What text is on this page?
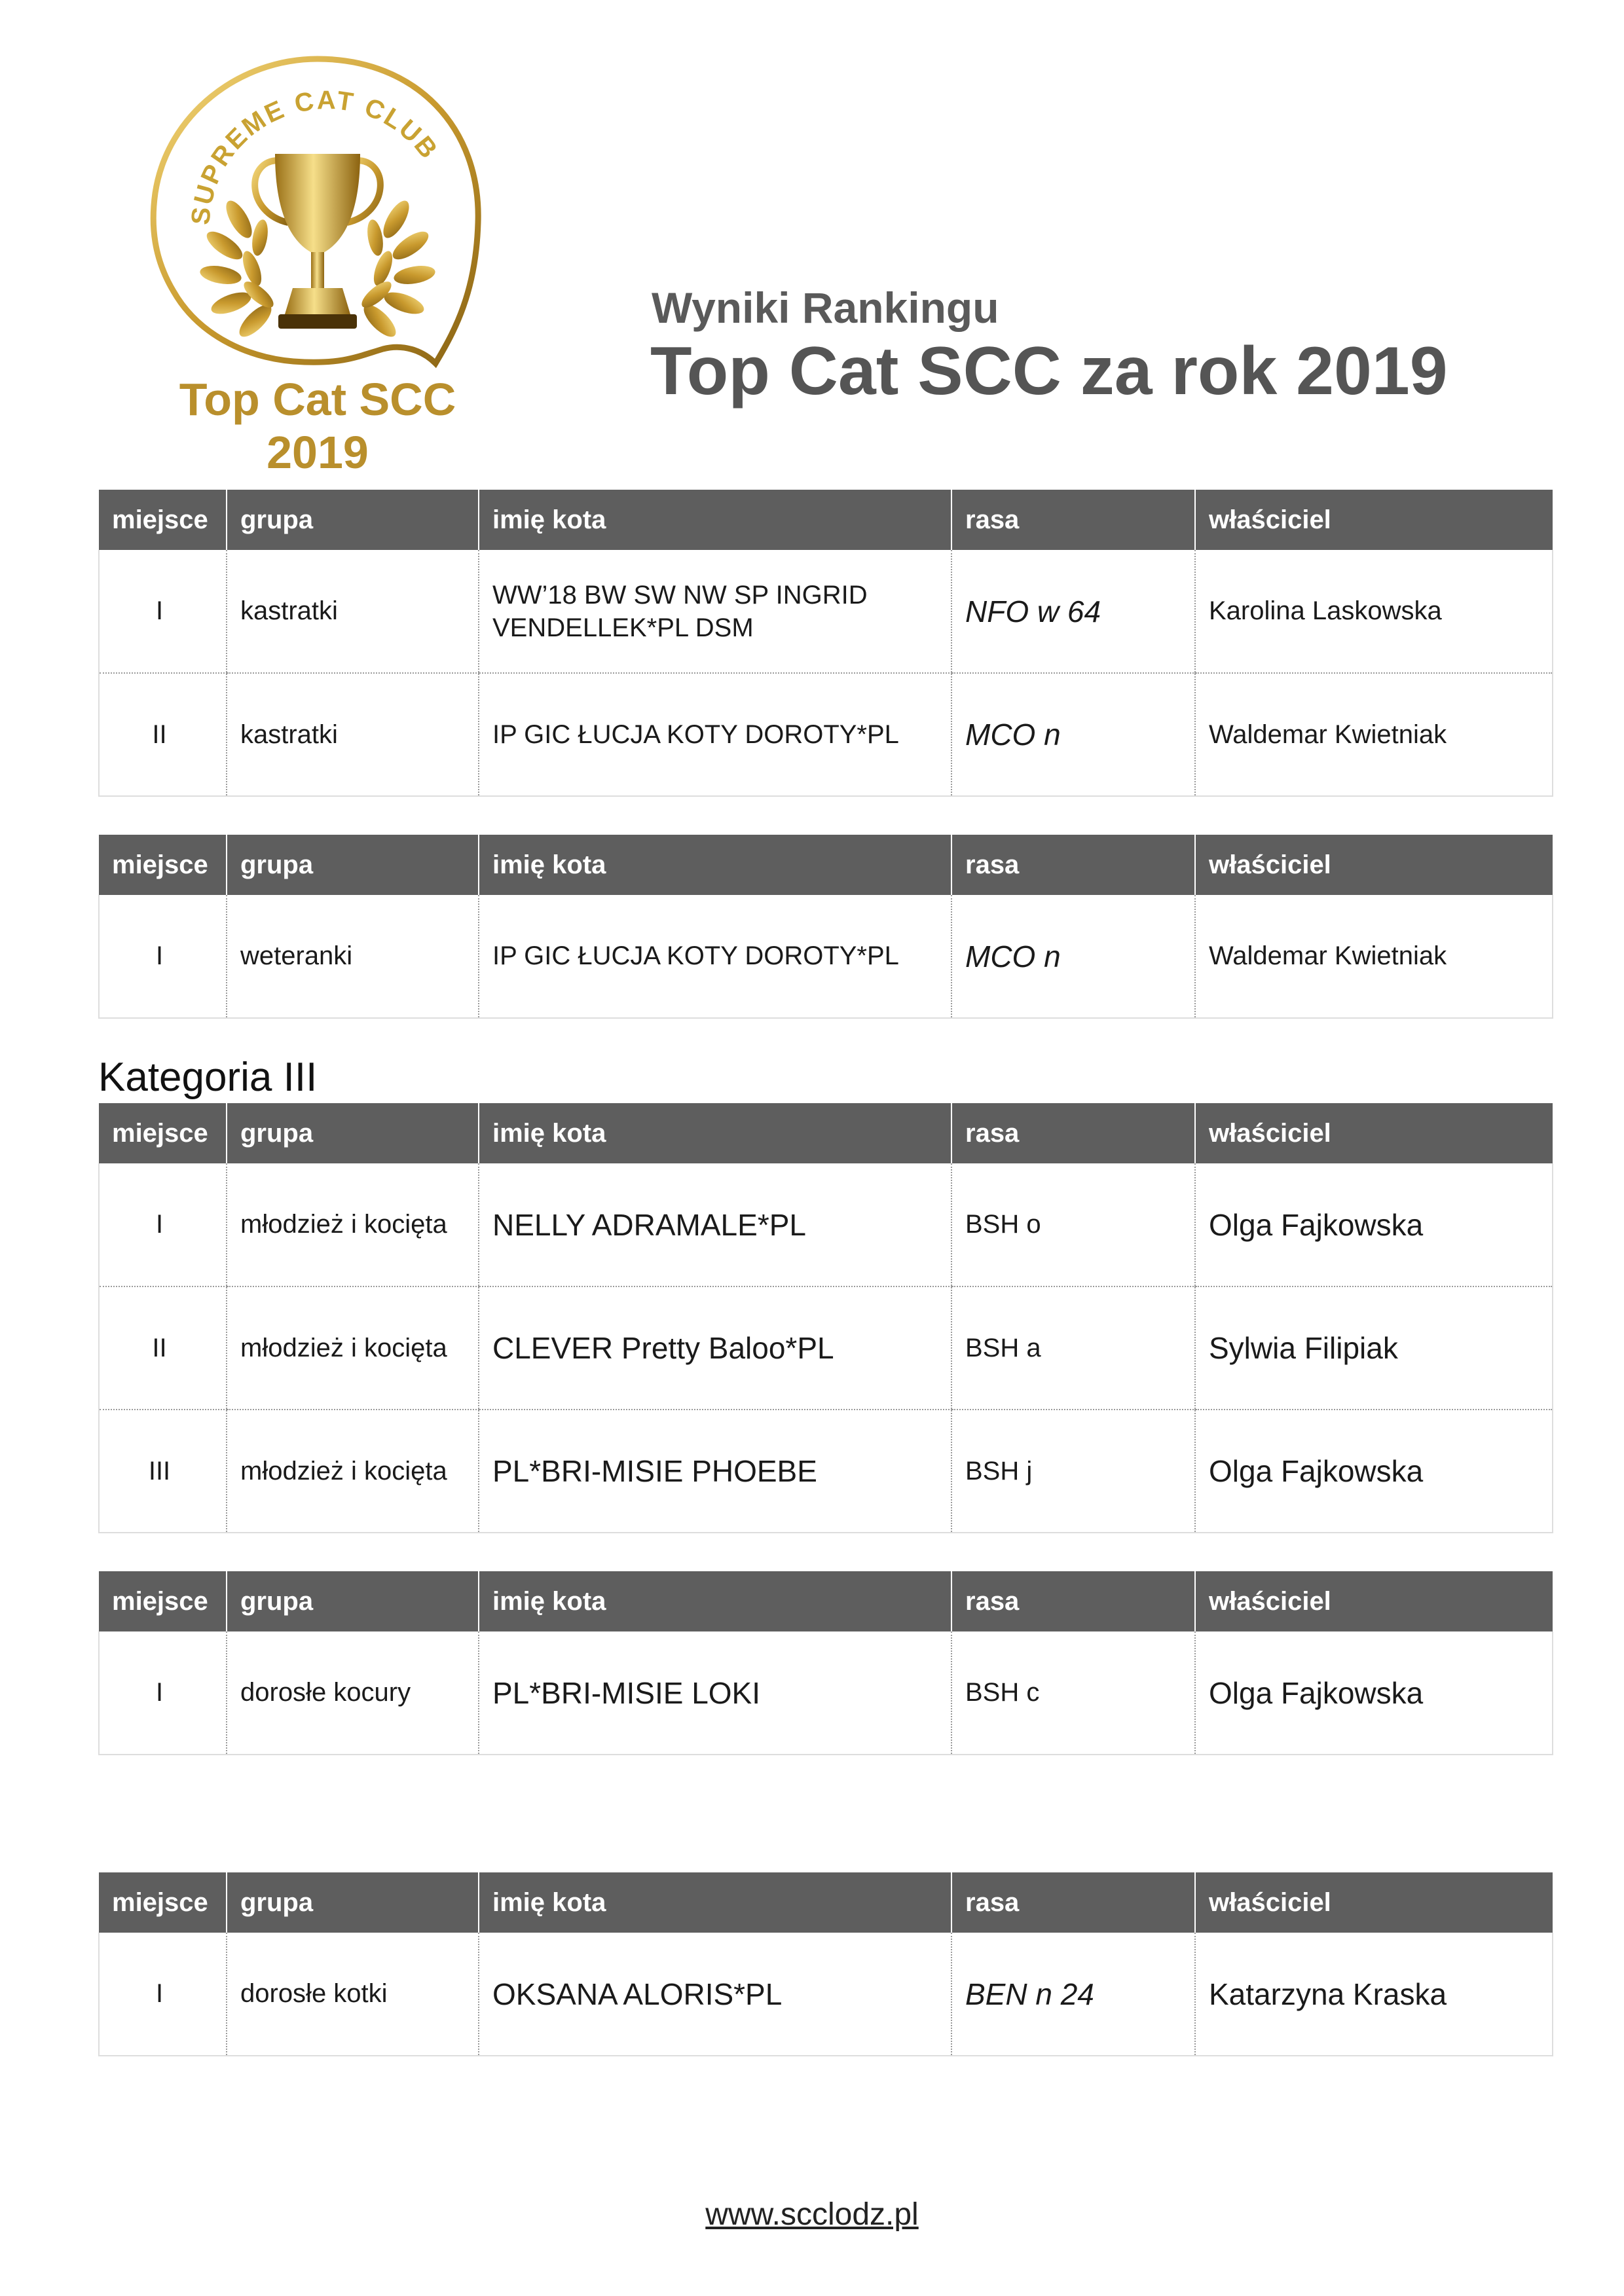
SUPREME CAT CLUB
Top Cat SCC
2019
Wyniki Rankingu
Top Cat SCC za rok 2019
miejsce	grupa	imię kota	rasa	właściciel
I	kastratki	WW’18 BW SW NW SP INGRID VENDELLEK*PL DSM	NFO w 64	Karolina Laskowska
II	kastratki	IP GIC ŁUCJA KOTY DOROTY*PL	MCO n	Waldemar Kwietniak
miejsce	grupa	imię kota	rasa	właściciel
I	weteranki	IP GIC ŁUCJA KOTY DOROTY*PL	MCO n	Waldemar Kwietniak
Kategoria III
miejsce	grupa	imię kota	rasa	właściciel
I	młodzież i kocięta	NELLY ADRAMALE*PL	BSH o	Olga Fajkowska
II	młodzież i kocięta	CLEVER Pretty Baloo*PL	BSH a	Sylwia Filipiak
III	młodzież i kocięta	PL*BRI-MISIE PHOEBE	BSH j	Olga Fajkowska
miejsce	grupa	imię kota	rasa	właściciel
I	dorosłe kocury	PL*BRI-MISIE LOKI	BSH c	Olga Fajkowska
miejsce	grupa	imię kota	rasa	właściciel
I	dorosłe kotki	OKSANA ALORIS*PL	BEN n 24	Katarzyna Kraska
www.scclodz.pl
